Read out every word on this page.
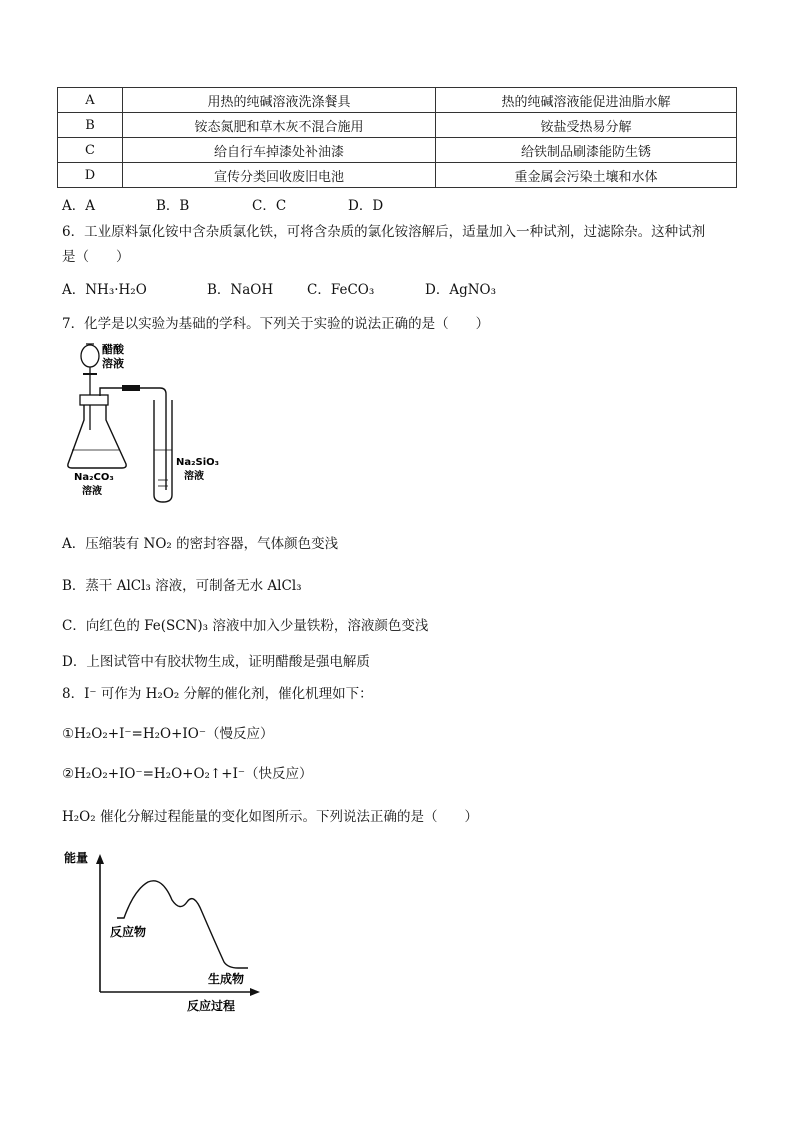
A	用热的纯碱溶液洗涤餐具	热的纯碱溶液能促进油脂水解
B	铵态氮肥和草木灰不混合施用	铵盐受热易分解
C	给自行车掉漆处补油漆	给铁制品刷漆能防生锈
D	宣传分类回收废旧电池	重金属会污染土壤和水体
A．A	B．B	C．C	D．D
6．工业原料氯化铵中含杂质氯化铁，可将含杂质的氯化铵溶解后，适量加入一种试剂，过滤除杂。这种试剂
是（　　）
A．NH₃·H₂O	B．NaOH	C．FeCO₃	D．AgNO₃
7．化学是以实验为基础的学科。下列关于实验的说法正确的是（　　）
醋酸
溶液
Na₂CO₃
溶液
Na₂SiO₃
溶液
A．压缩装有 NO₂ 的密封容器，气体颜色变浅
B．蒸干 AlCl₃ 溶液，可制备无水 AlCl₃
C．向红色的 Fe(SCN)₃ 溶液中加入少量铁粉，溶液颜色变浅
D．上图试管中有胶状物生成，证明醋酸是强电解质
8．I⁻ 可作为 H₂O₂ 分解的催化剂，催化机理如下：
①H₂O₂+I⁻=H₂O+IO⁻（慢反应）
②H₂O₂+IO⁻=H₂O+O₂↑+I⁻（快反应）
H₂O₂ 催化分解过程能量的变化如图所示。下列说法正确的是（　　）
能量
反应物
生成物
反应过程
